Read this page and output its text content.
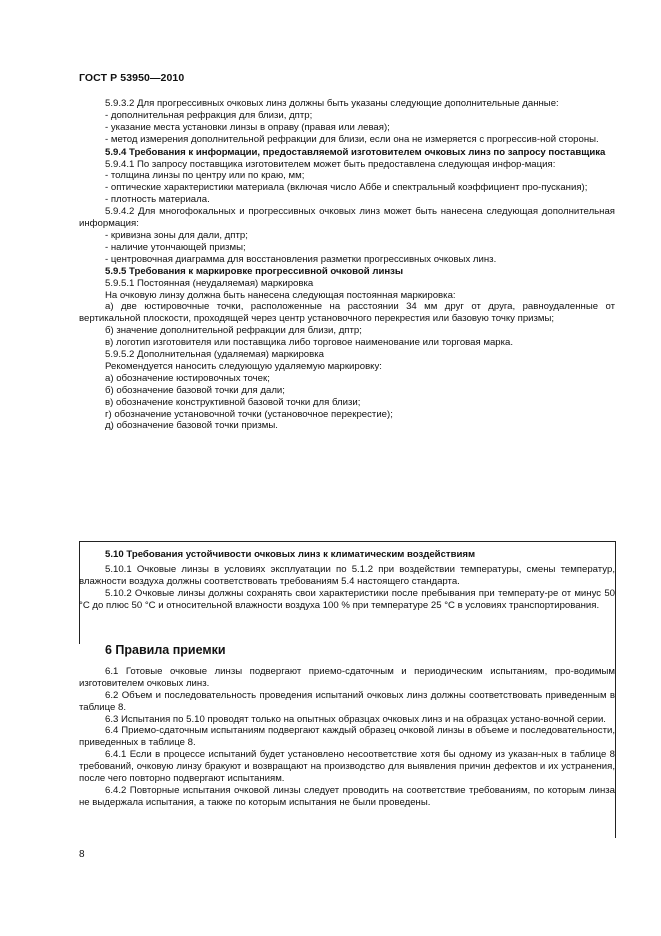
ГОСТ Р 53950—2010

5.9.3.2 Для прогрессивных очковых линз должны быть указаны следующие дополнительные данные:

- дополнительная рефракция для близи, дптр;

- указание места установки линзы в оправу (правая или левая);

- метод измерения дополнительной рефракции для близи, если она не измеряется с прогрессив-ной стороны.

5.9.4 Требования к информации, предоставляемой изготовителем очковых линз по запросу поставщика

5.9.4.1 По запросу поставщика изготовителем может быть предоставлена следующая инфор-мация:

- толщина линзы по центру или по краю, мм;

- оптические характеристики материала (включая число Аббе и спектральный коэффициент про-пускания);

- плотность материала.

5.9.4.2 Для многофокальных и прогрессивных очковых линз может быть нанесена следующая дополнительная информация:

- кривизна зоны для дали, дптр;

- наличие утончающей призмы;

- центровочная диаграмма для восстановления разметки прогрессивных очковых линз.

5.9.5 Требования к маркировке прогрессивной очковой линзы

5.9.5.1 Постоянная (неудаляемая) маркировка

На очковую линзу должна быть нанесена следующая постоянная маркировка:

а) две юстировочные точки, расположенные на расстоянии 34 мм друг от друга, равноудаленные от вертикальной плоскости, проходящей через центр установочного перекрестия или базовую точку призмы;

б) значение дополнительной рефракции для близи, дптр;

в) логотип изготовителя или поставщика либо торговое наименование или торговая марка.

5.9.5.2 Дополнительная (удаляемая) маркировка

Рекомендуется наносить следующую удаляемую маркировку:

а) обозначение юстировочных точек;

б) обозначение базовой точки для дали;

в) обозначение конструктивной базовой точки для близи;

г) обозначение установочной точки (установочное перекрестие);

д) обозначение базовой точки призмы.

5.10 Требования устойчивости очковых линз к климатическим воздействиям

5.10.1 Очковые линзы в условиях эксплуатации по 5.1.2 при воздействии температуры, смены температур, влажности воздуха должны соответствовать требованиям 5.4 настоящего стандарта.

5.10.2 Очковые линзы должны сохранять свои характеристики после пребывания при температу-ре от минус 50 °С до плюс 50 °С и относительной влажности воздуха 100 % при температуре 25 °С в условиях транспортирования.

6 Правила приемки

6.1 Готовые очковые линзы подвергают приемо-сдаточным и периодическим испытаниям, про-водимым изготовителем очковых линз.

6.2 Объем и последовательность проведения испытаний очковых линз должны соответствовать приведенным в таблице 8.

6.3 Испытания по 5.10 проводят только на опытных образцах очковых линз и на образцах устано-вочной серии.

6.4 Приемо-сдаточным испытаниям подвергают каждый образец очковой линзы в объеме и последовательности, приведенных в таблице 8.

6.4.1 Если в процессе испытаний будет установлено несоответствие хотя бы одному из указан-ных в таблице 8 требований, очковую линзу бракуют и возвращают на производство для выявления причин дефектов и их устранения, после чего повторно подвергают испытаниям.

6.4.2 Повторные испытания очковой линзы следует проводить на соответствие требованиям, по которым линза не выдержала испытания, а также по которым испытания не были проведены.

8
